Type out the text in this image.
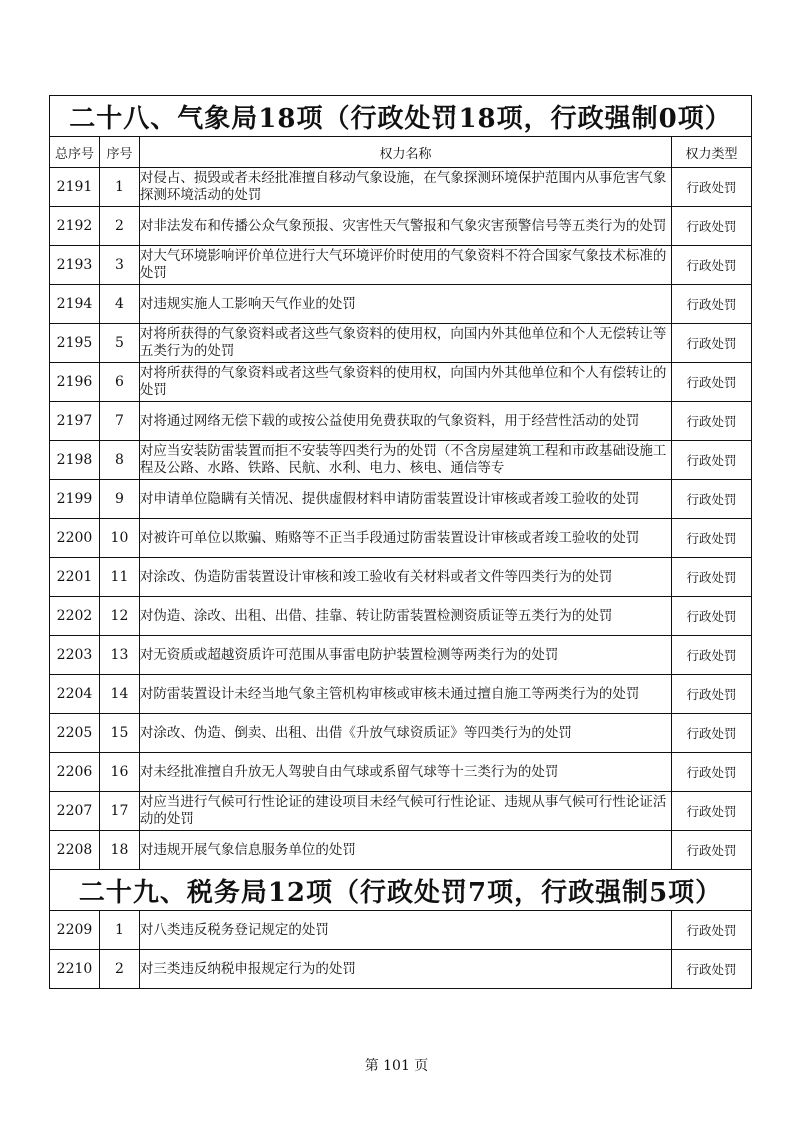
二十八、气象局18项（行政处罚18项，行政强制0项）			
总序号	序号	权力名称	权力类型
2191	1	对侵占、损毁或者未经批准擅自移动气象设施，在气象探测环境保护范围内从事危害气象探测环境活动的处罚	行政处罚
2192	2	对非法发布和传播公众气象预报、灾害性天气警报和气象灾害预警信号等五类行为的处罚	行政处罚
2193	3	对大气环境影响评价单位进行大气环境评价时使用的气象资料不符合国家气象技术标准的处罚	行政处罚
2194	4	对违规实施人工影响天气作业的处罚	行政处罚
2195	5	对将所获得的气象资料或者这些气象资料的使用权，向国内外其他单位和个人无偿转让等五类行为的处罚	行政处罚
2196	6	对将所获得的气象资料或者这些气象资料的使用权，向国内外其他单位和个人有偿转让的处罚	行政处罚
2197	7	对将通过网络无偿下载的或按公益使用免费获取的气象资料，用于经营性活动的处罚	行政处罚
2198	8	对应当安装防雷装置而拒不安装等四类行为的处罚（不含房屋建筑工程和市政基础设施工程及公路、水路、铁路、民航、水利、电力、核电、通信等专	行政处罚
2199	9	对申请单位隐瞒有关情况、提供虚假材料申请防雷装置设计审核或者竣工验收的处罚	行政处罚
2200	10	对被许可单位以欺骗、贿赂等不正当手段通过防雷装置设计审核或者竣工验收的处罚	行政处罚
2201	11	对涂改、伪造防雷装置设计审核和竣工验收有关材料或者文件等四类行为的处罚	行政处罚
2202	12	对伪造、涂改、出租、出借、挂靠、转让防雷装置检测资质证等五类行为的处罚	行政处罚
2203	13	对无资质或超越资质许可范围从事雷电防护装置检测等两类行为的处罚	行政处罚
2204	14	对防雷装置设计未经当地气象主管机构审核或审核未通过擅自施工等两类行为的处罚	行政处罚
2205	15	对涂改、伪造、倒卖、出租、出借《升放气球资质证》等四类行为的处罚	行政处罚
2206	16	对未经批准擅自升放无人驾驶自由气球或系留气球等十三类行为的处罚	行政处罚
2207	17	对应当进行气候可行性论证的建设项目未经气候可行性论证、违规从事气候可行性论证活动的处罚	行政处罚
2208	18	对违规开展气象信息服务单位的处罚	行政处罚
二十九、税务局12项（行政处罚7项，行政强制5项）			
2209	1	对八类违反税务登记规定的处罚	行政处罚
2210	2	对三类违反纳税申报规定行为的处罚	行政处罚
第 101 页
